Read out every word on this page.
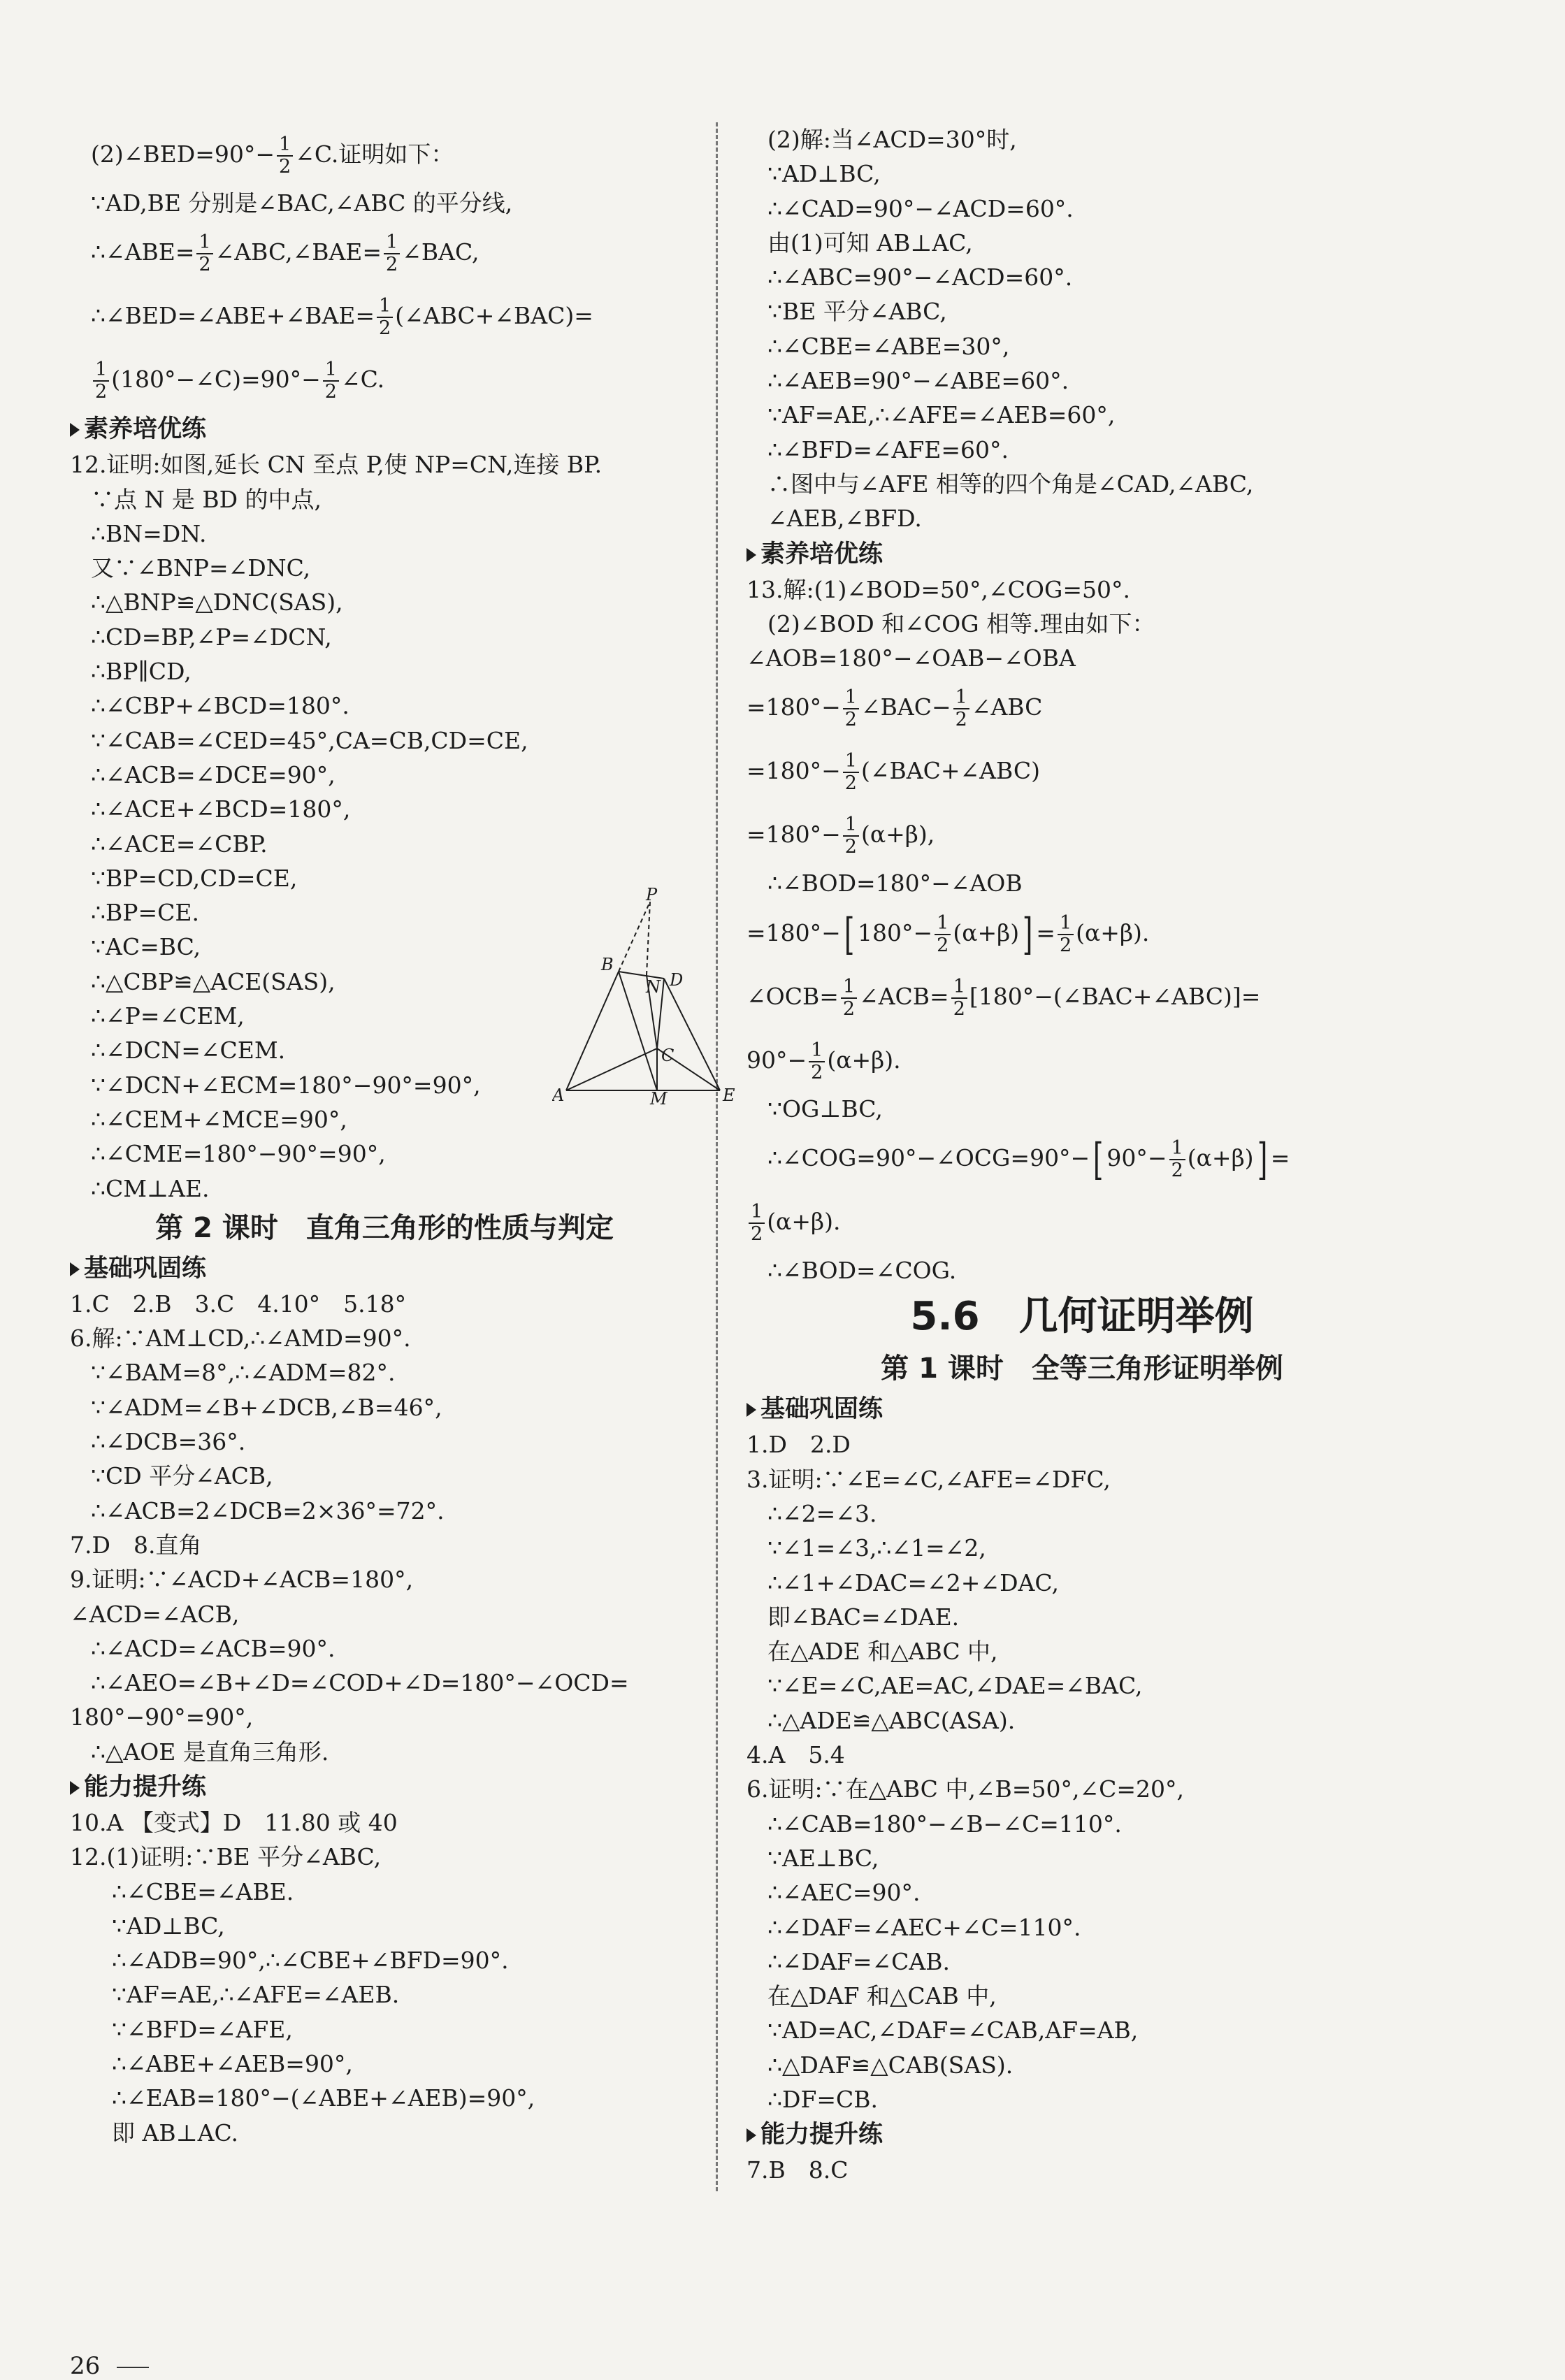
(2)∠BED=90°− $\frac{1}{2}$ ∠C.证明如下：
∵AD,BE 分别是∠BAC,∠ABC 的平分线,
∴∠ABE= $\frac{1}{2}$ ∠ABC,∠BAE= $\frac{1}{2}$ ∠BAC,
∴∠BED=∠ABE+∠BAE= $\frac{1}{2}$ (∠ABC+∠BAC)=
$\frac{1}{2}$ (180°−∠C)=90°− $\frac{1}{2}$ ∠C.
素养培优练
12.证明:如图,延长 CN 至点 P,使 NP=CN,连接 BP.
∵点 N 是 BD 的中点,
∴BN=DN.
又∵∠BNP=∠DNC,
∴△BNP≌△DNC(SAS),
∴CD=BP,∠P=∠DCN,
∴BP∥CD,
∴∠CBP+∠BCD=180°.
∵∠CAB=∠CED=45°,CA=CB,CD=CE,
∴∠ACB=∠DCE=90°,
∴∠ACE+∠BCD=180°,
∴∠ACE=∠CBP.
∵BP=CD,CD=CE,
∴BP=CE.
∵AC=BC,
∴△CBP≌△ACE(SAS),
∴∠P=∠CEM,
∴∠DCN=∠CEM.
∵∠DCN+∠ECM=180°−90°=90°,
∴∠CEM+∠MCE=90°,
∴∠CME=180°−90°=90°,
∴CM⊥AE.
第 2 课时　直角三角形的性质与判定
基础巩固练
1.C　2.B　3.C　4.10°　5.18°
6.解:∵AM⊥CD,∴∠AMD=90°.
∵∠BAM=8°,∴∠ADM=82°.
∵∠ADM=∠B+∠DCB,∠B=46°,
∴∠DCB=36°.
∵CD 平分∠ACB,
∴∠ACB=2∠DCB=2×36°=72°.
7.D　8.直角
9.证明:∵∠ACD+∠ACB=180°,
∠ACD=∠ACB,
∴∠ACD=∠ACB=90°.
∴∠AEO=∠B+∠D=∠COD+∠D=180°−∠OCD=
180°−90°=90°,
∴△AOE 是直角三角形.
能力提升练
10.A 【变式】D　11.80 或 40
12.(1)证明:∵BE 平分∠ABC,
∴∠CBE=∠ABE.
∵AD⊥BC,
∴∠ADB=90°,∴∠CBE+∠BFD=90°.
∵AF=AE,∴∠AFE=∠AEB.
∵∠BFD=∠AFE,
∴∠ABE+∠AEB=90°,
∴∠EAB=180°−(∠ABE+∠AEB)=90°,
即 AB⊥AC.
P
B
N D
C
A	M	E
26
(2)解:当∠ACD=30°时,
∵AD⊥BC,
∴∠CAD=90°−∠ACD=60°.
由(1)可知 AB⊥AC,
∴∠ABC=90°−∠ACD=60°.
∵BE 平分∠ABC,
∴∠CBE=∠ABE=30°,
∴∠AEB=90°−∠ABE=60°.
∵AF=AE,∴∠AFE=∠AEB=60°,
∴∠BFD=∠AFE=60°.
∴图中与∠AFE 相等的四个角是∠CAD,∠ABC,
∠AEB,∠BFD.
素养培优练
13.解:(1)∠BOD=50°,∠COG=50°.
(2)∠BOD 和∠COG 相等.理由如下：
∠AOB=180°−∠OAB−∠OBA
$=180^\circ- \frac{1}{2}$ ∠BAC− $\frac{1}{2}$ ∠ABC
$=180^\circ- \frac{1}{2}$ (∠BAC+∠ABC)
$=180^\circ- \frac{1}{2} (\alpha+\beta)$,
∴∠BOD=180°−∠AOB
=180°−[ $180^\circ- \frac{1}{2} (\alpha+\beta)] = \frac{1}{2} (\alpha+\beta)$.
∠OCB= $\frac{1}{2}$ ∠ACB= $\frac{1}{2}$ [180°−(∠BAC+∠ABC)]=
$90^\circ- \frac{1}{2} (\alpha+\beta)$.
∵OG⊥BC,
∴∠COG=90°−∠OCG=90°−[ $90^\circ- \frac{1}{2} (\alpha+\beta)$] =
$\frac{1}{2} (\alpha+\beta)$.
∴∠BOD=∠COG.
5.6　几何证明举例
第 1 课时　全等三角形证明举例
基础巩固练
1.D　2.D
3.证明:∵∠E=∠C,∠AFE=∠DFC,
∴∠2=∠3.
∵∠1=∠3,∴∠1=∠2,
∴∠1+∠DAC=∠2+∠DAC,
即∠BAC=∠DAE.
在△ADE 和△ABC 中,
∵∠E=∠C,AE=AC,∠DAE=∠BAC,
∴△ADE≌△ABC(ASA).
4.A　5.4
6.证明:∵在△ABC 中,∠B=50°,∠C=20°,
∴∠CAB=180°−∠B−∠C=110°.
∵AE⊥BC,
∴∠AEC=90°.
∴∠DAF=∠AEC+∠C=110°.
∴∠DAF=∠CAB.
在△DAF 和△CAB 中,
∵AD=AC,∠DAF=∠CAB,AF=AB,
∴△DAF≌△CAB(SAS).
∴DF=CB.
能力提升练
7.B　8.C
